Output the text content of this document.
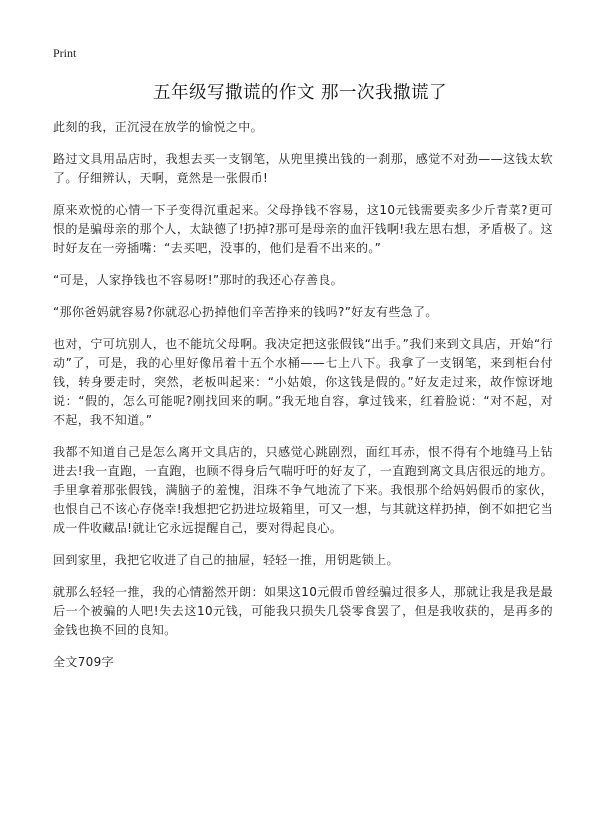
Print
五年级写撒谎的作文 那一次我撒谎了

此刻的我，正沉浸在放学的愉悦之中。

路过文具用品店时，我想去买一支钢笔，从兜里摸出钱的一刹那，感觉不对劲——这钱太软了。仔细辨认，天啊，竟然是一张假币!

原来欢悦的心情一下子变得沉重起来。父母挣钱不容易，这10元钱需要卖多少斤青菜?更可恨的是骗母亲的那个人，太缺德了!扔掉?那可是母亲的血汗钱啊!我左思右想，矛盾极了。这时好友在一旁插嘴：“去买吧，没事的，他们是看不出来的。”

“可是，人家挣钱也不容易呀!”那时的我还心存善良。

“那你爸妈就容易?你就忍心扔掉他们辛苦挣来的钱吗?”好友有些急了。

也对，宁可坑别人，也不能坑父母啊。我决定把这张假钱“出手。”我们来到文具店，开始“行动”了，可是，我的心里好像吊着十五个水桶——七上八下。我拿了一支钢笔，来到柜台付钱，转身要走时，突然，老板叫起来：“小姑娘，你这钱是假的。”好友走过来，故作惊讶地说：“假的，怎么可能呢?刚找回来的啊。”我无地自容，拿过钱来，红着脸说：“对不起，对不起，我不知道。”

我都不知道自己是怎么离开文具店的，只感觉心跳剧烈，面红耳赤，恨不得有个地缝马上钻进去!我一直跑，一直跑，也顾不得身后气喘吁吁的好友了，一直跑到离文具店很远的地方。手里拿着那张假钱，满脑子的羞愧，泪珠不争气地流了下来。我恨那个给妈妈假币的家伙，也恨自己不该心存侥幸!我想把它扔进垃圾箱里，可又一想，与其就这样扔掉，倒不如把它当成一件收藏品!就让它永远提醒自己，要对得起良心。

回到家里，我把它收进了自己的抽屉，轻轻一推，用钥匙锁上。

就那么轻轻一推，我的心情豁然开朗：如果这10元假币曾经骗过很多人，那就让我是我是最后一个被骗的人吧!失去这10元钱，可能我只损失几袋零食罢了，但是我收获的，是再多的金钱也换不回的良知。

全文709字
